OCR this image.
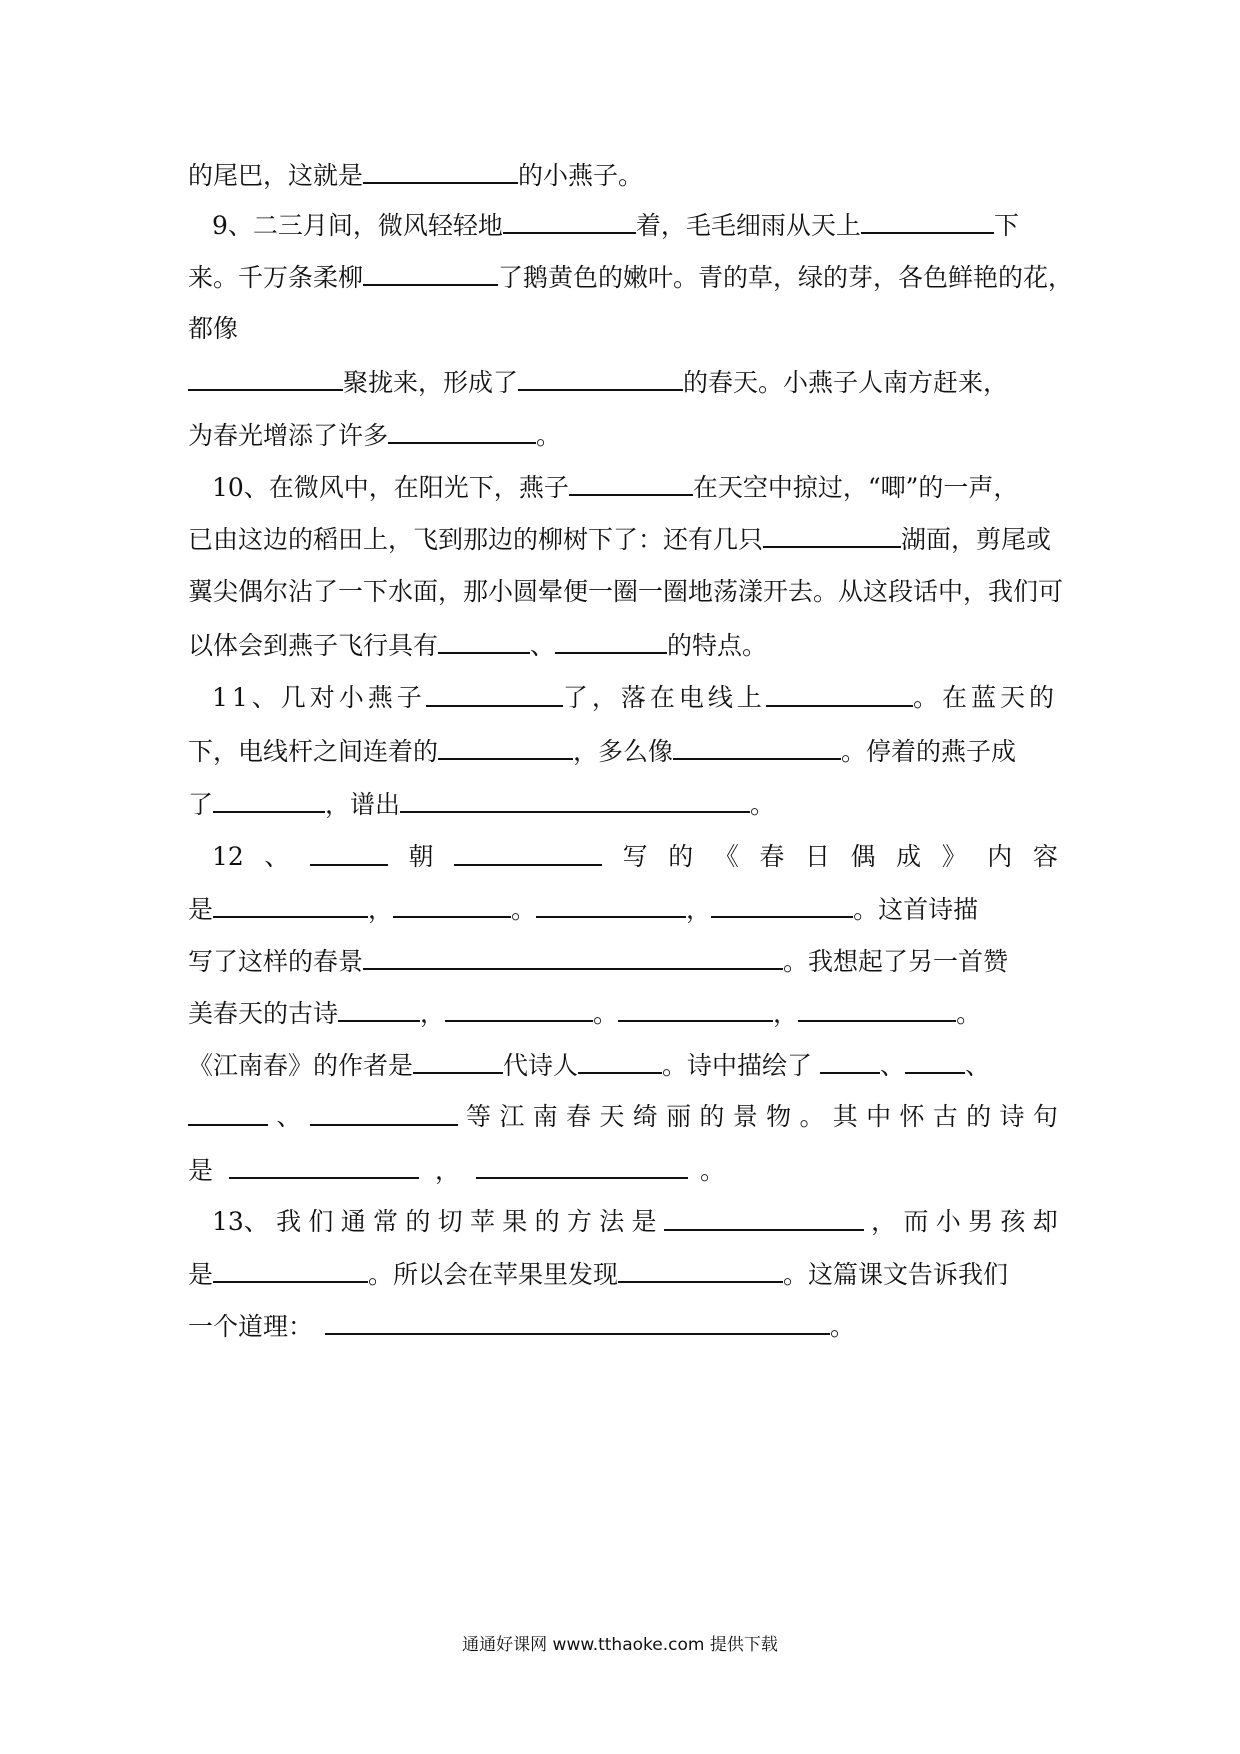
的尾巴，这就是	的小燕子。
9、二三月间，微风轻轻地	着，毛毛细雨从天上	下
来。千万条柔柳	了鹅黄色的嫩叶。青的草，绿的芽，各色鲜艳的花，
都像
聚拢来，形成了	的春天。小燕子人南方赶来，
为春光增添了许多	。
10、在微风中，在阳光下，燕子	在天空中掠过，“唧”的一声，
已由这边的稻田上，飞到那边的柳树下了：还有几只	湖面，剪尾或
翼尖偶尔沾了一下水面，那小圆晕便一圈一圈地荡漾开去。从这段话中，我们可
以体会到燕子飞行具有	、	的特点。
11、几对小燕子	了，落在电线上	。在蓝天的
下，电线杆之间连着的	，多么像	。停着的燕子成
了	，谱出	。
12 、	朝	写 的 《 春 日 偶 成 》 内 容
是	，	。	，	。这首诗描
写了这样的春景	。我想起了另一首赞
美春天的古诗	，	。	，	。
《江南春》的作者是	代诗人	。诗中描绘了	、 、
、	等 江 南 春 天 绮 丽 的 景 物 。 其 中 怀 古 的 诗 句
是	，	。
13、 我 们 通 常 的 切 苹 果 的 方 法 是	， 而 小 男 孩 却
是	。所以会在苹果里发现	。这篇课文告诉我们
一个道理：	。
通通好课网 www.tthaoke.com 提供下载
